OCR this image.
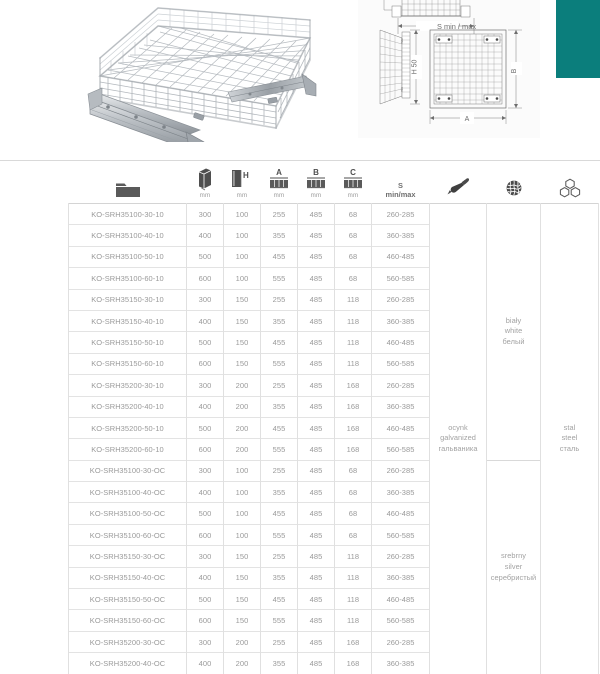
S min / max
H 50	B
A
max
min

mm	H
mm	A
mm	B
mm	C
mm	S
min/max

KO-SRH35100-30-10	300	100	255	485	68	260-285	ocynk
galvanized
гальваника	biały
white
белый	stal
steel
сталь
KO-SRH35100-40-10	400	100	355	485	68	360-385			
KO-SRH35100-50-10	500	100	455	485	68	460-485			
KO-SRH35100-60-10	600	100	555	485	68	560-585			
KO-SRH35150-30-10	300	150	255	485	118	260-285			
KO-SRH35150-40-10	400	150	355	485	118	360-385			
KO-SRH35150-50-10	500	150	455	485	118	460-485			
KO-SRH35150-60-10	600	150	555	485	118	560-585			
KO-SRH35200-30-10	300	200	255	485	168	260-285			
KO-SRH35200-40-10	400	200	355	485	168	360-385			
KO-SRH35200-50-10	500	200	455	485	168	460-485			
KO-SRH35200-60-10	600	200	555	485	168	560-585			
KO-SRH35100-30-OC	300	100	255	485	68	260-285		srebrny
silver
серебристый	
KO-SRH35100-40-OC	400	100	355	485	68	360-385			
KO-SRH35100-50-OC	500	100	455	485	68	460-485			
KO-SRH35100-60-OC	600	100	555	485	68	560-585			
KO-SRH35150-30-OC	300	150	255	485	118	260-285			
KO-SRH35150-40-OC	400	150	355	485	118	360-385			
KO-SRH35150-50-OC	500	150	455	485	118	460-485			
KO-SRH35150-60-OC	600	150	555	485	118	560-585			
KO-SRH35200-30-OC	300	200	255	485	168	260-285			
KO-SRH35200-40-OC	400	200	355	485	168	360-385			
